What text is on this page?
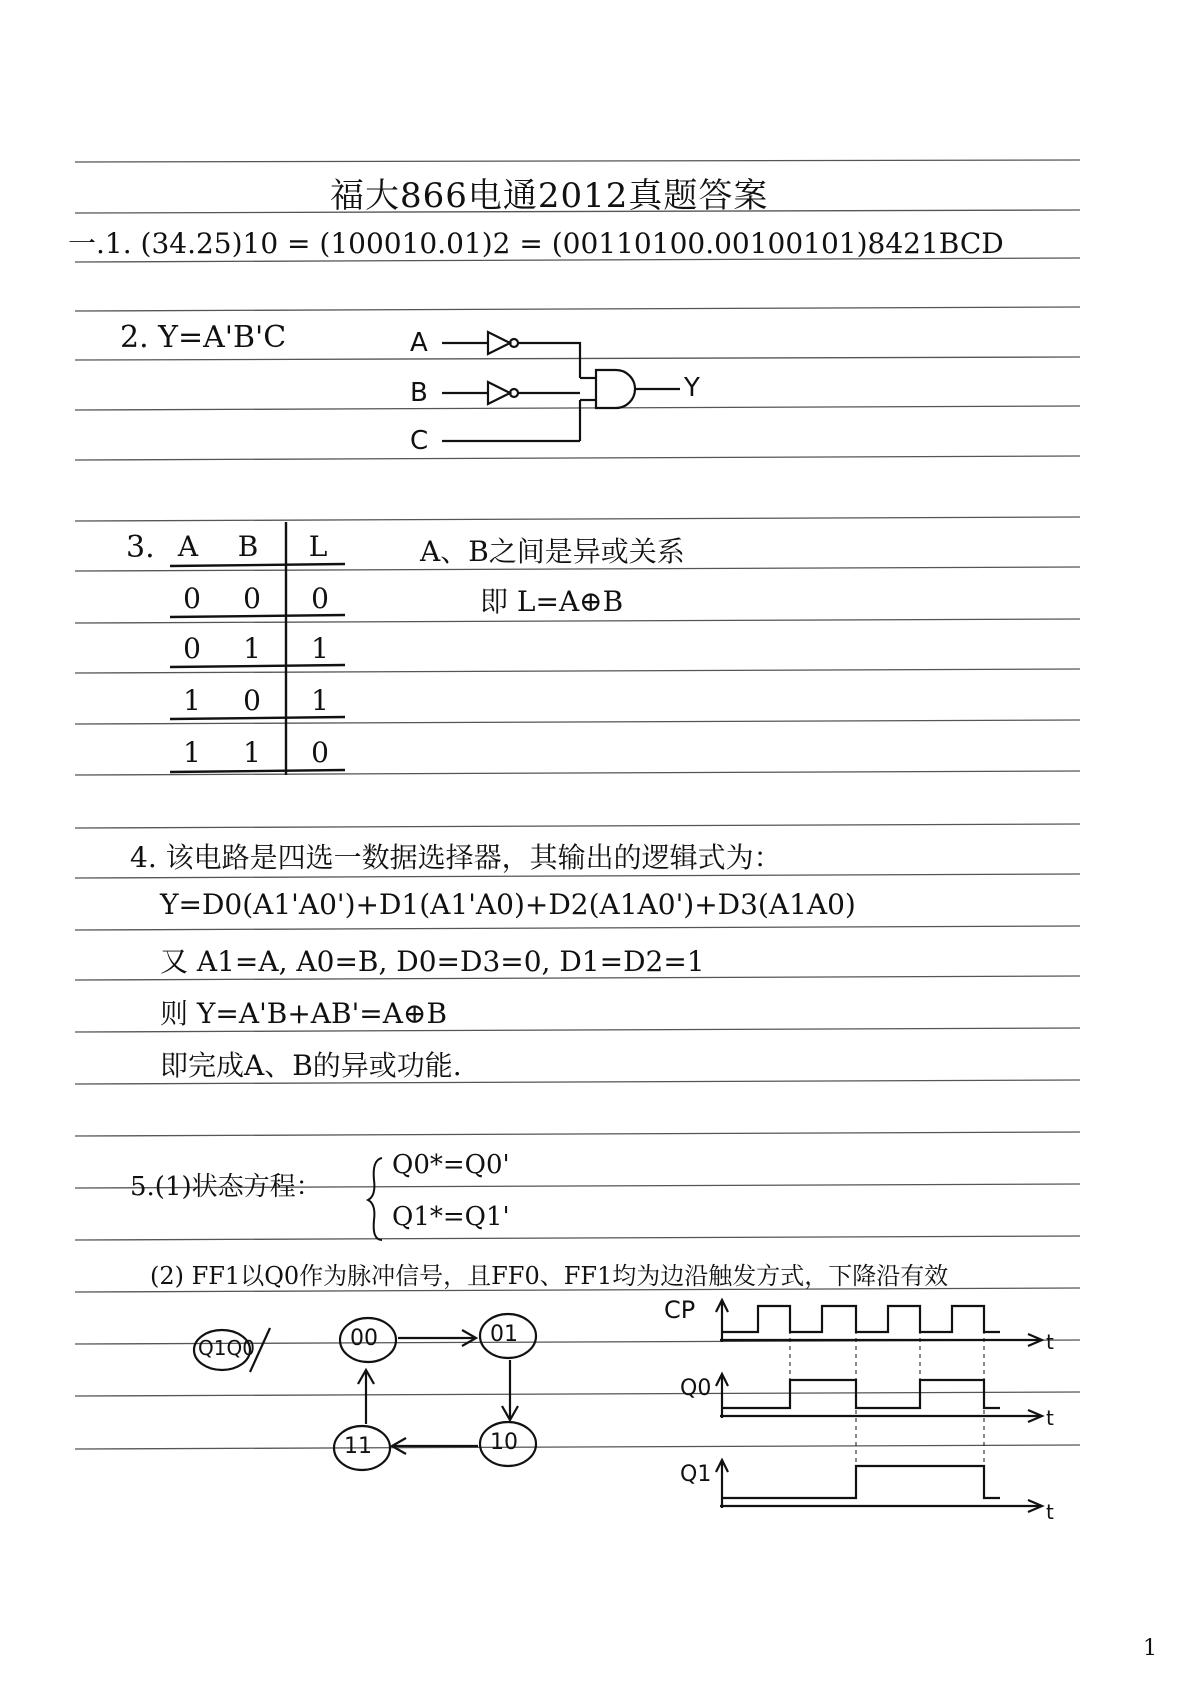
福大866电通2012真题答案
一.1. (34.25)10 = (100010.01)2 = (00110100.00100101)8421BCD
2. Y=A'B'C	A
B
C
Y
3. A	B	L
0	0	0
0	1	1
1	0	1
1	1	0
A、B之间是异或关系
即 L=A⊕B
4. 该电路是四选一数据选择器，其输出的逻辑式为：
Y=D0(A1'A0')+D1(A1'A0)+D2(A1A0')+D3(A1A0)
又 A1=A, A0=B, D0=D3=0, D1=D2=1
则 Y=A'B+AB'=A⊕B
即完成A、B的异或功能.
5.(1)状态方程：
Q0*=Q0'
Q1*=Q1'
(2) FF1以Q0作为脉冲信号，且FF0、FF1均为边沿触发方式，下降沿有效
Q1Q0	00	01
10
11
CP
Q0
Q1
t
t
t
1
